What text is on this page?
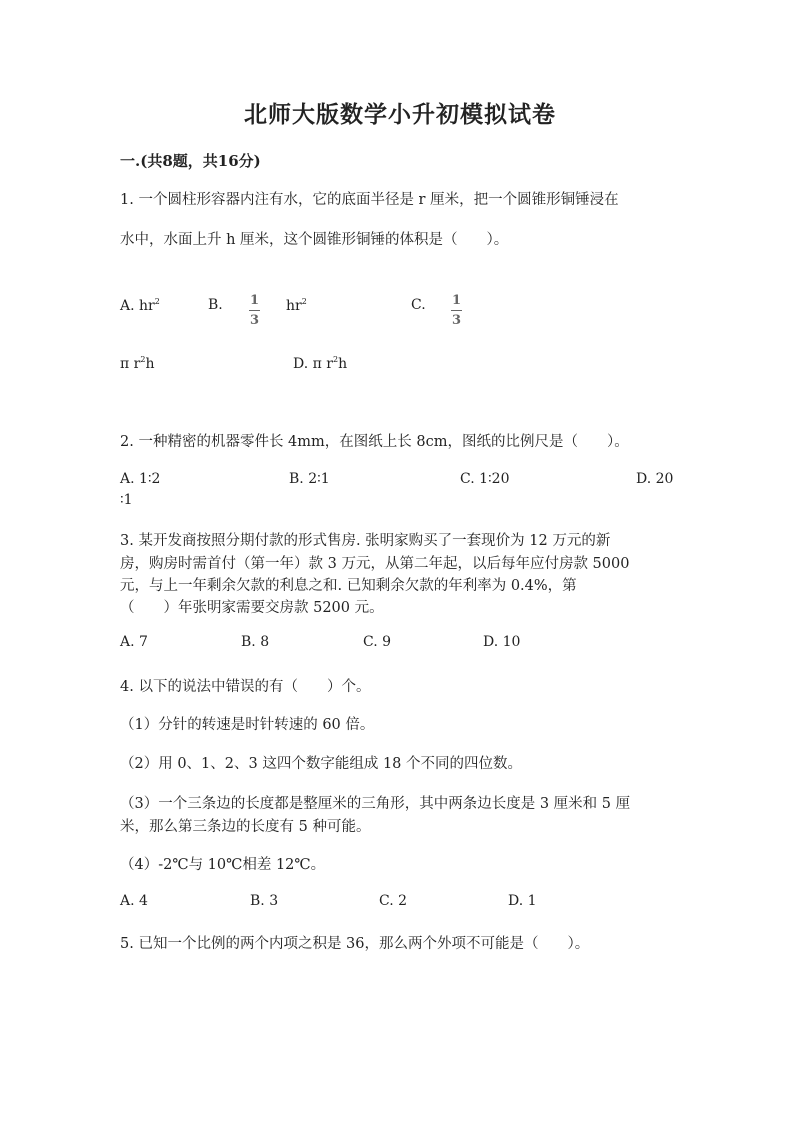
北师大版数学小升初模拟试卷
一.(共8题，共16分)
1. 一个圆柱形容器内注有水，它的底面半径是 r 厘米，把一个圆锥形铜锤浸在
水中，水面上升 h 厘米，这个圆锥形铜锤的体积是（　　）。
A. $hr^2$	B. $\frac{1}{3} hr^2$	C. $\frac{1}{3}$
π $r^2h$	D. π $r^2h$
2. 一种精密的机器零件长 4mm，在图纸上长 8cm，图纸的比例尺是（　　）。
A. 1∶2	B. 2∶1	C. 1∶20	D. 20
∶1
3. 某开发商按照分期付款的形式售房. 张明家购买了一套现价为 12 万元的新
房，购房时需首付（第一年）款 3 万元，从第二年起，以后每年应付房款 5000
元，与上一年剩余欠款的利息之和. 已知剩余欠款的年利率为 0.4%，第
（　　）年张明家需要交房款 5200 元。
A. 7	B. 8	C. 9	D. 10
4. 以下的说法中错误的有（　　）个。
（1）分针的转速是时针转速的 60 倍。
（2）用 0、1、2、3 这四个数字能组成 18 个不同的四位数。
（3）一个三条边的长度都是整厘米的三角形，其中两条边长度是 3 厘米和 5 厘
米，那么第三条边的长度有 5 种可能。
（4）-2℃与 10℃相差 12℃。
A. 4	B. 3	C. 2	D. 1
5. 已知一个比例的两个内项之积是 36，那么两个外项不可能是（　　）。
